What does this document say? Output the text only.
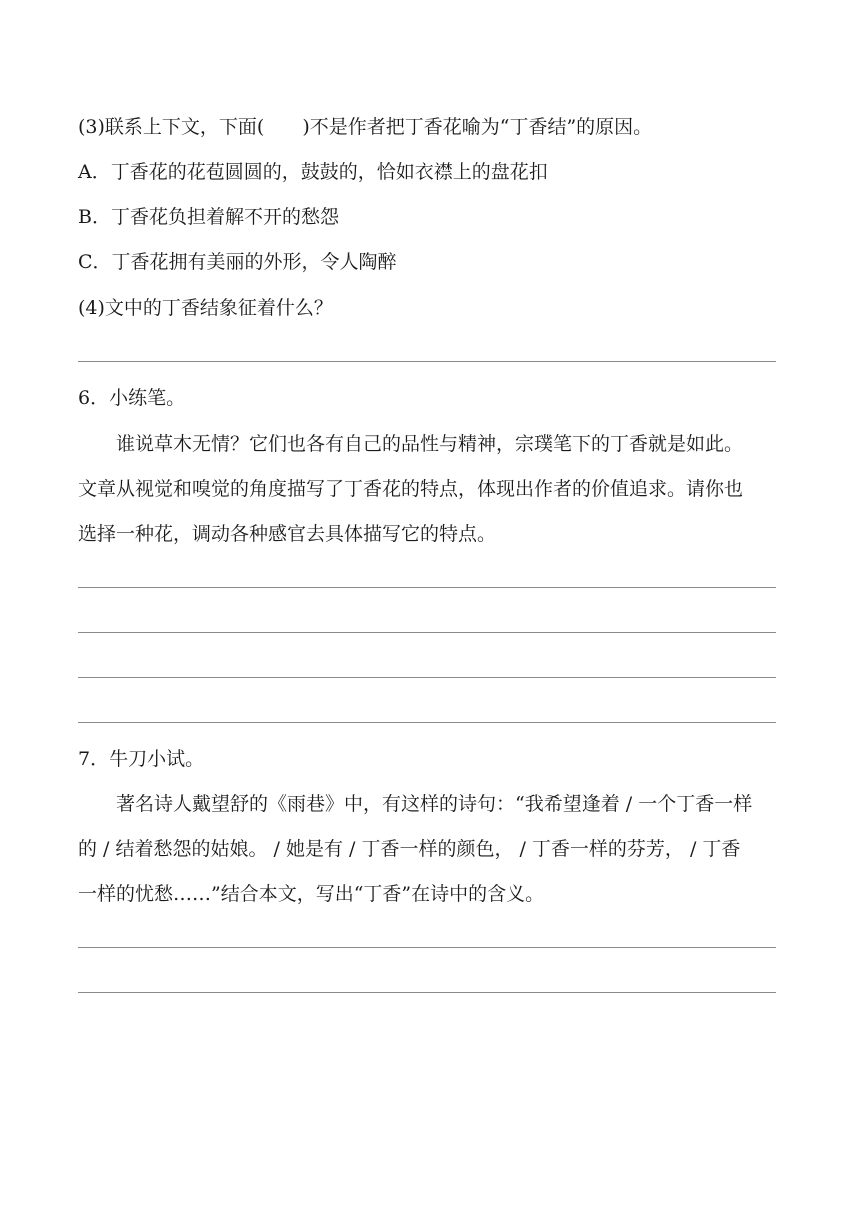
(3)联系上下文，下面(　　)不是作者把丁香花喻为“丁香结”的原因。
A．丁香花的花苞圆圆的，鼓鼓的，恰如衣襟上的盘花扣
B．丁香花负担着解不开的愁怨
C．丁香花拥有美丽的外形，令人陶醉
(4)文中的丁香结象征着什么？
6．小练笔。
谁说草木无情？它们也各有自己的品性与精神，宗璞笔下的丁香就是如此。
文章从视觉和嗅觉的角度描写了丁香花的特点，体现出作者的价值追求。请你也
选择一种花，调动各种感官去具体描写它的特点。
7．牛刀小试。
著名诗人戴望舒的《雨巷》中，有这样的诗句：“我希望逢着 / 一个丁香一样
的 / 结着愁怨的姑娘。 / 她是有 / 丁香一样的颜色， / 丁香一样的芬芳， / 丁香
一样的忧愁……”结合本文，写出“丁香”在诗中的含义。
